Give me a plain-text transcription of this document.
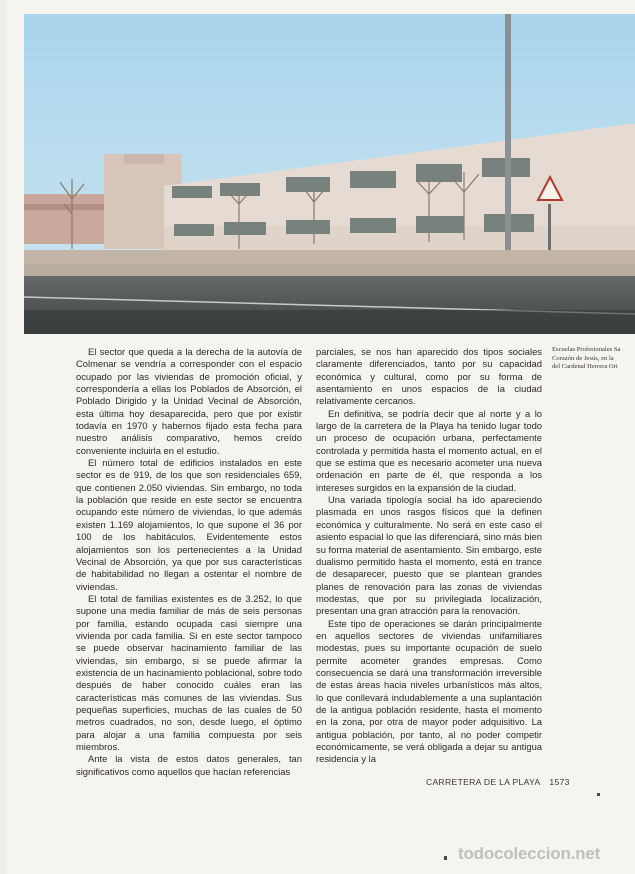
El sector que queda a la derecha de la autovía de Colmenar se vendría a corresponder con el espacio ocupado por las viviendas de promoción oficial, y correspondería a ellas los Poblados de Absorción, el Poblado Dirigido y la Unidad Vecinal de Absorción, esta última hoy desaparecida, pero que por existir todavía en 1970 y habernos fijado esta fecha para nuestro análisis comparativo, hemos creído conveniente incluirla en el estudio.

El número total de edificios instalados en este sector es de 919, de los que son residenciales 659, que contienen 2.050 viviendas. Sin embargo, no toda la población que reside en este sector se encuentra ocupando este número de viviendas, lo que además existen 1.169 alojamientos, lo que supone el 36 por 100 de los habitáculos. Evidentemente estos alojamientos son los pertenecientes a la Unidad Vecinal de Absorción, ya que por sus características de habitabilidad no llegan a ostentar el nombre de viviendas.

El total de familias existentes es de 3.252, lo que supone una media familiar de más de seis personas por familia, estando ocupada casi siempre una vivienda por cada familia. Si en este sector tampoco se puede observar hacinamiento familiar de las viviendas, sin embargo, si se puede afirmar la existencia de un hacinamiento poblacional, sobre todo después de haber conocido cuáles eran las características más comunes de las viviendas. Sus pequeñas superficies, muchas de las cuales de 50 metros cuadrados, no son, desde luego, el óptimo para alojar a una familia compuesta por seis miembros.

Ante la vista de estos datos generales, tan significativos como aquellos que hacían referencias

parciales, se nos han aparecido dos tipos sociales claramente diferenciados, tanto por su capacidad económica y cultural, como por su forma de asentamiento en unos espacios de la ciudad relativamente cercanos.

En definitiva, se podría decir que al norte y a lo largo de la carretera de la Playa ha tenido lugar todo un proceso de ocupación urbana, perfectamente controlada y permitida hasta el momento actual, en el que se estima que es necesario acometer una nueva ordenación en parte de él, que responda a los intereses surgidos en la expansión de la ciudad.

Una variada tipología social ha ido apareciendo plasmada en unos rasgos físicos que la definen económica y culturalmente. No será en este caso el asiento espacial lo que las diferenciará, sino más bien su forma material de asentamiento. Sin embargo, este dualismo permitido hasta el momento, está en trance de desaparecer, puesto que se plantean grandes planes de renovación para las zonas de viviendas modestas, que por su privilegiada localización, presentan una gran atracción para la renovación.

Este tipo de operaciones se darán principalmente en aquellos sectores de viviendas unifamiliares modestas, pues su importante ocupación de suelo permite acometer grandes empresas. Como consecuencia se dará una transformación irreversible de estas áreas hacia niveles urbanísticos más altos, lo que conllevará indudablemente a una suplantación de la antigua población residente, hasta el momento en la zona, por otra de mayor poder adquisitivo. La antigua población, por tanto, al no poder competir económicamente, se verá obligada a dejar su antigua residencia y la

Escuelas Profesionales Sa
Corazón de Jesús, en la
del Cardenal Herrera Ori
CARRETERA DE LA PLAYA 1573
todocoleccion.net
